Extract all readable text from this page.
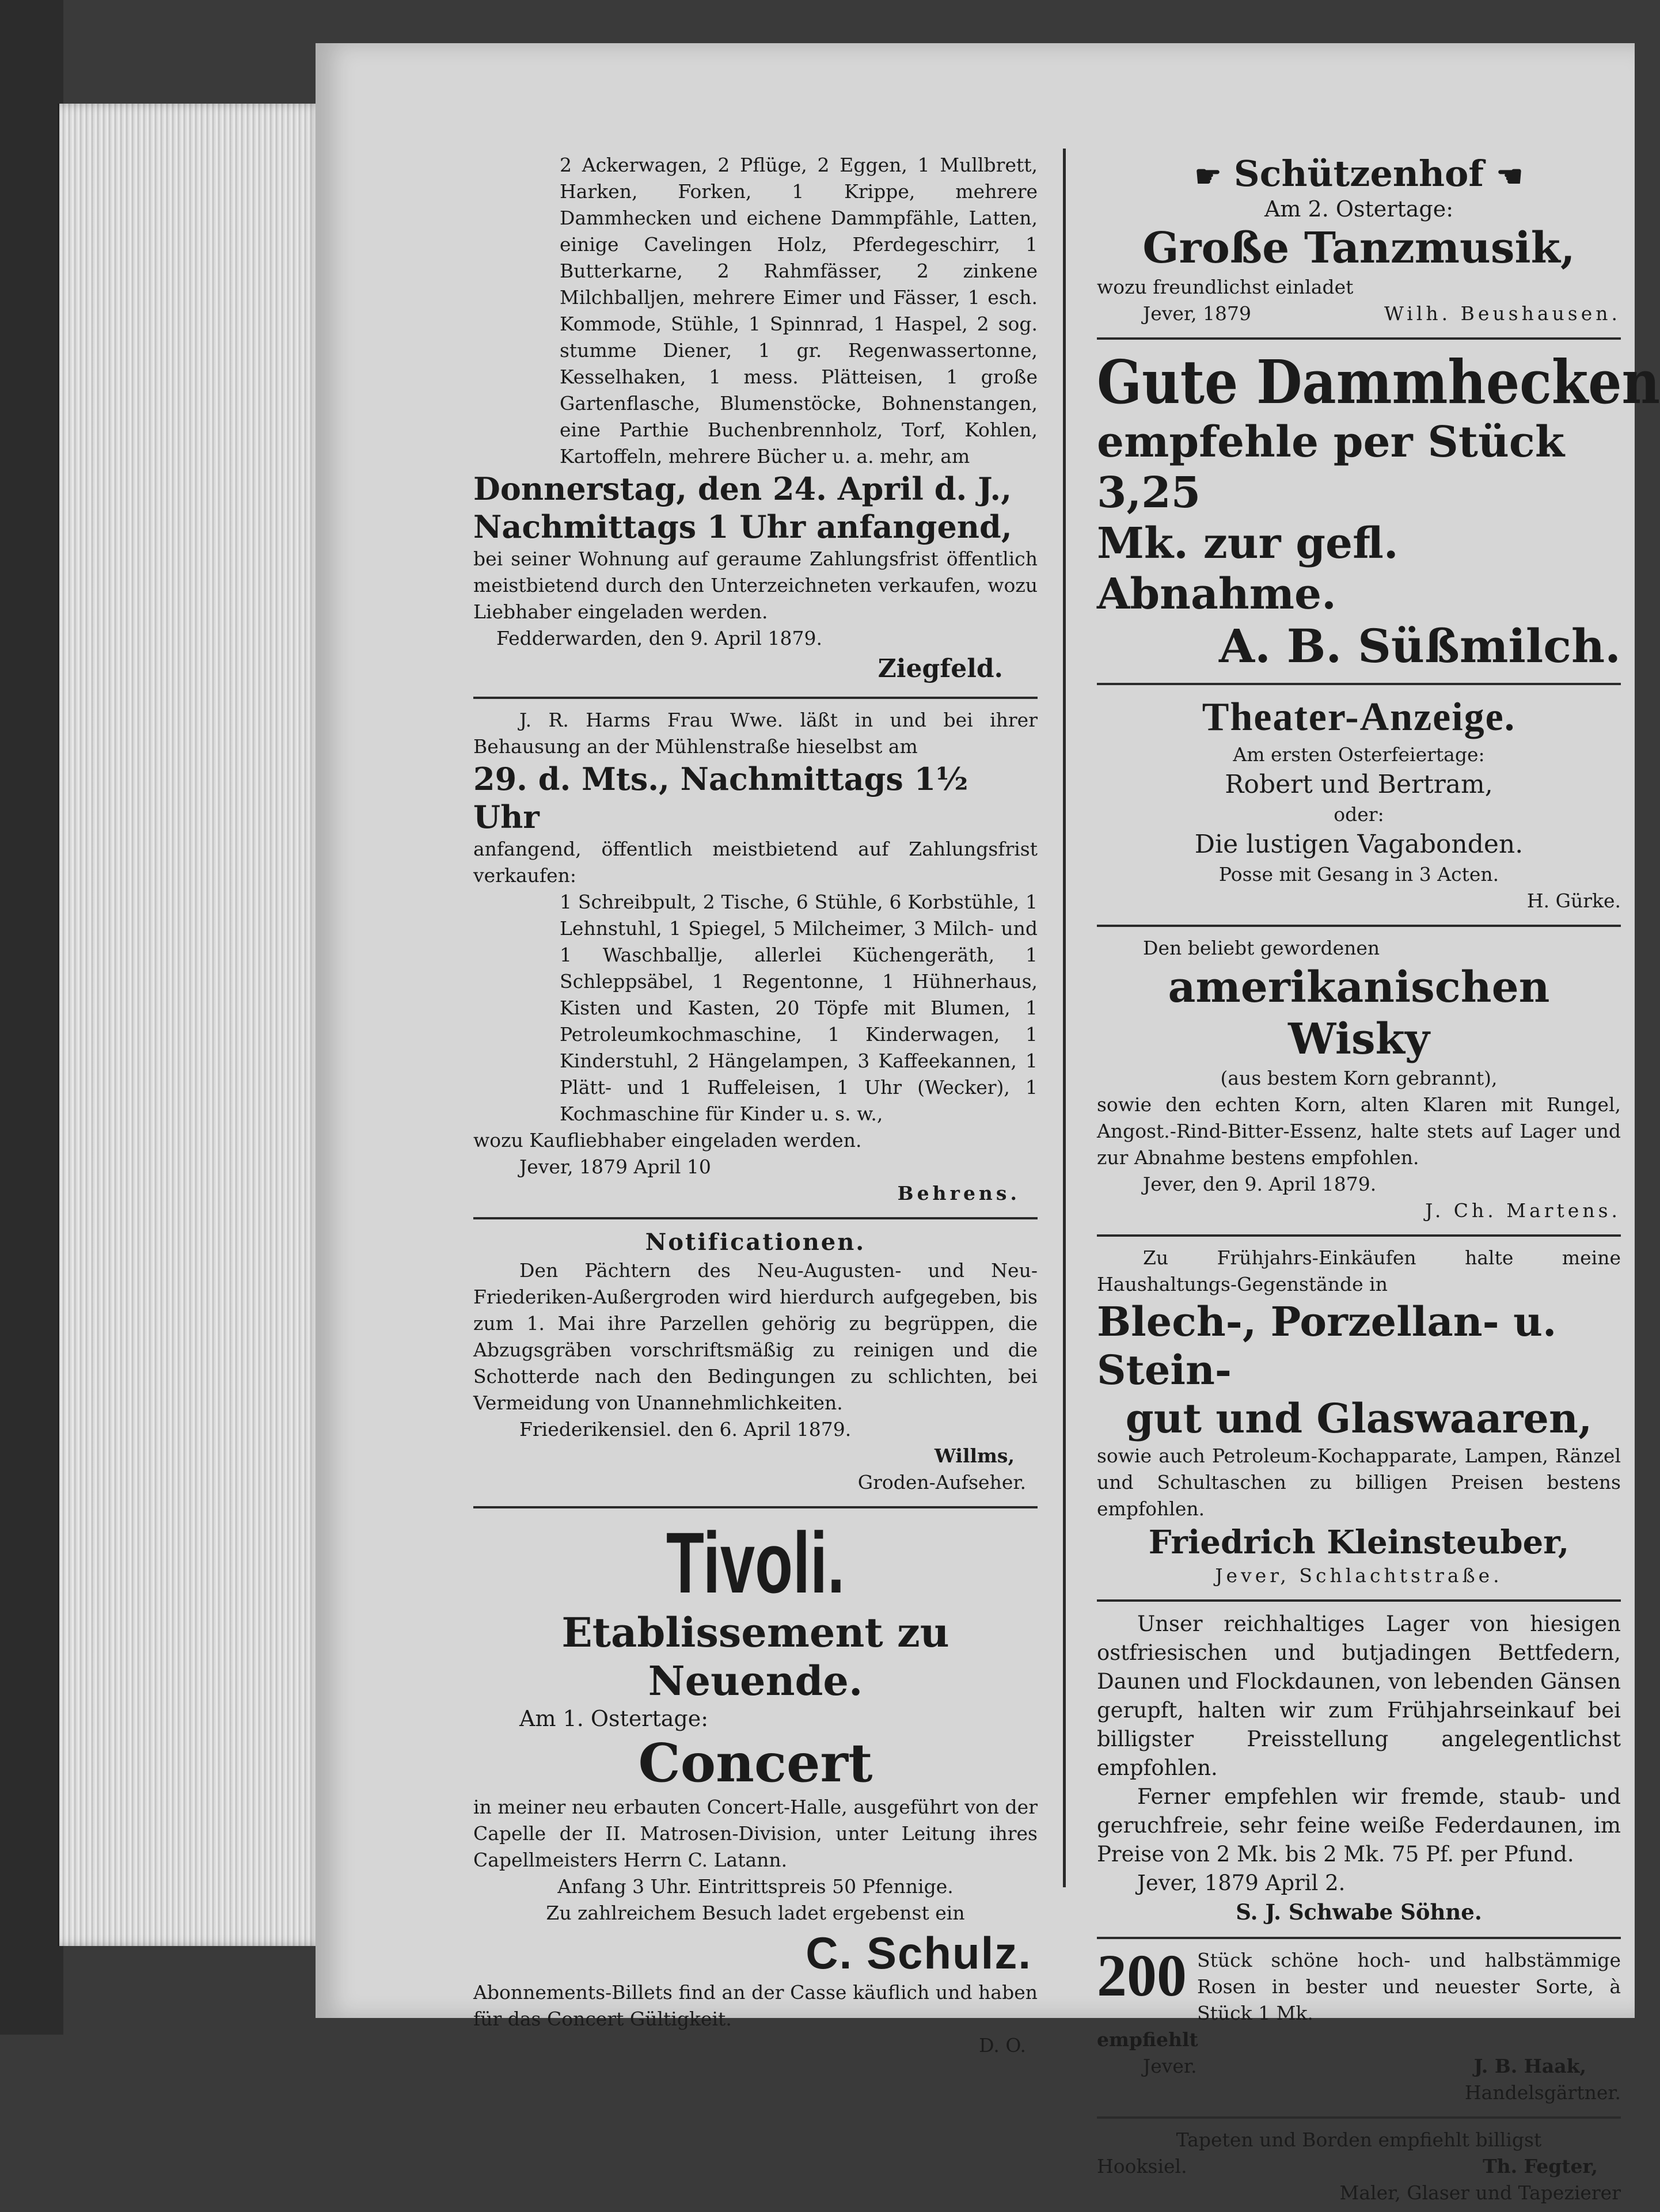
2 Ackerwagen, 2 Pflüge, 2 Eggen, 1 Mullbrett, Harken, Forken, 1 Krippe, mehrere Dammhecken und eichene Dammpfähle, Latten, einige Cavelingen Holz, Pferdegeschirr, 1 Butterkarne, 2 Rahmfässer, 2 zinkene Milchballjen, mehrere Eimer und Fässer, 1 esch. Kommode, Stühle, 1 Spinnrad, 1 Haspel, 2 sog. stumme Diener, 1 gr. Regenwassertonne, Kesselhaken, 1 mess. Plätteisen, 1 große Gartenflasche, Blumenstöcke, Bohnenstangen, eine Parthie Buchenbrennholz, Torf, Kohlen, Kartoffeln, mehrere Bücher u. a. mehr, am

Donnerstag, den 24. April d. J.,

Nachmittags 1 Uhr anfangend,

bei seiner Wohnung auf geraume Zahlungsfrist öffentlich meistbietend durch den Unterzeichneten verkaufen, wozu Liebhaber eingeladen werden.

Fedderwarden, den 9. April 1879.

Ziegfeld.

J. R. Harms Frau Wwe. läßt in und bei ihrer Behausung an der Mühlenstraße hieselbst am

29. d. Mts., Nachmittags 1½ Uhr

anfangend, öffentlich meistbietend auf Zahlungsfrist verkaufen:

1 Schreibpult, 2 Tische, 6 Stühle, 6 Korbstühle, 1 Lehnstuhl, 1 Spiegel, 5 Milcheimer, 3 Milch- und 1 Waschballje, allerlei Küchengeräth, 1 Schleppsäbel, 1 Regentonne, 1 Hühnerhaus, Kisten und Kasten, 20 Töpfe mit Blumen, 1 Petroleumkochmaschine, 1 Kinderwagen, 1 Kinderstuhl, 2 Hängelampen, 3 Kaffeekannen, 1 Plätt- und 1 Ruffeleisen, 1 Uhr (Wecker), 1 Kochmaschine für Kinder u. s. w.,

wozu Kaufliebhaber eingeladen werden.

Jever, 1879 April 10

Behrens.

Notificationen.

Den Pächtern des Neu-Augusten- und Neu-Friederiken-Außergroden wird hierdurch aufgegeben, bis zum 1. Mai ihre Parzellen gehörig zu begrüppen, die Abzugsgräben vorschriftsmäßig zu reinigen und die Schotterde nach den Bedingungen zu schlichten, bei Vermeidung von Unannehmlichkeiten.

Friederikensiel. den 6. April 1879.

Willms,

Groden-Aufseher.

Tivoli.

Etablissement zu Neuende.

Am 1. Ostertage:

Concert

in meiner neu erbauten Concert-Halle, ausgeführt von der Capelle der II. Matrosen-Division, unter Leitung ihres Capellmeisters Herrn C. Latann.

Anfang 3 Uhr. Eintrittspreis 50 Pfennige.

Zu zahlreichem Besuch ladet ergebenst ein

C. Schulz.

Abonnements-Billets find an der Casse käuflich und haben für das Concert Gültigkeit.

D. O.

☛ Schützenhof ☚

Am 2. Ostertage:

Große Tanzmusik,

wozu freundlichst einladet

Jever, 1879	Wilh. Beushausen.

Gute Dammhecken

empfehle per Stück 3,25

Mk. zur gefl. Abnahme.

A. B. Süßmilch.

Theater-Anzeige.

Am ersten Osterfeiertage:

Robert und Bertram,

oder:

Die lustigen Vagabonden.

Posse mit Gesang in 3 Acten.

H. Gürke.

Den beliebt gewordenen

amerikanischen Wisky

(aus bestem Korn gebrannt),

sowie den echten Korn, alten Klaren mit Rungel, Angost.-Rind-Bitter-Essenz, halte stets auf Lager und zur Abnahme bestens empfohlen.

Jever, den 9. April 1879.

J. Ch. Martens.

Zu Frühjahrs-Einkäufen halte meine Haushaltungs-Gegenstände in

Blech-, Porzellan- u. Stein-

gut und Glaswaaren,

sowie auch Petroleum-Kochapparate, Lampen, Ränzel und Schultaschen zu billigen Preisen bestens empfohlen.

Friedrich Kleinsteuber,

Jever, Schlachtstraße.

Unser reichhaltiges Lager von hiesigen ostfriesischen und butjadingen Bettfedern, Daunen und Flockdaunen, von lebenden Gänsen gerupft, halten wir zum Frühjahrseinkauf bei billigster Preisstellung angelegentlichst empfohlen.

Ferner empfehlen wir fremde, staub- und geruchfreie, sehr feine weiße Federdaunen, im Preise von 2 Mk. bis 2 Mk. 75 Pf. per Pfund.

Jever, 1879 April 2.

S. J. Schwabe Söhne.

200 Stück schöne hoch- und halbstämmige Rosen in bester und neuester Sorte, à Stück 1 Mk.

empfiehlt

Jever.	J. B. Haak,

Handelsgärtner.

Tapeten und Borden empfiehlt billigst

Hooksiel.	Th. Fegter,

Maler, Glaser und Tapezierer
